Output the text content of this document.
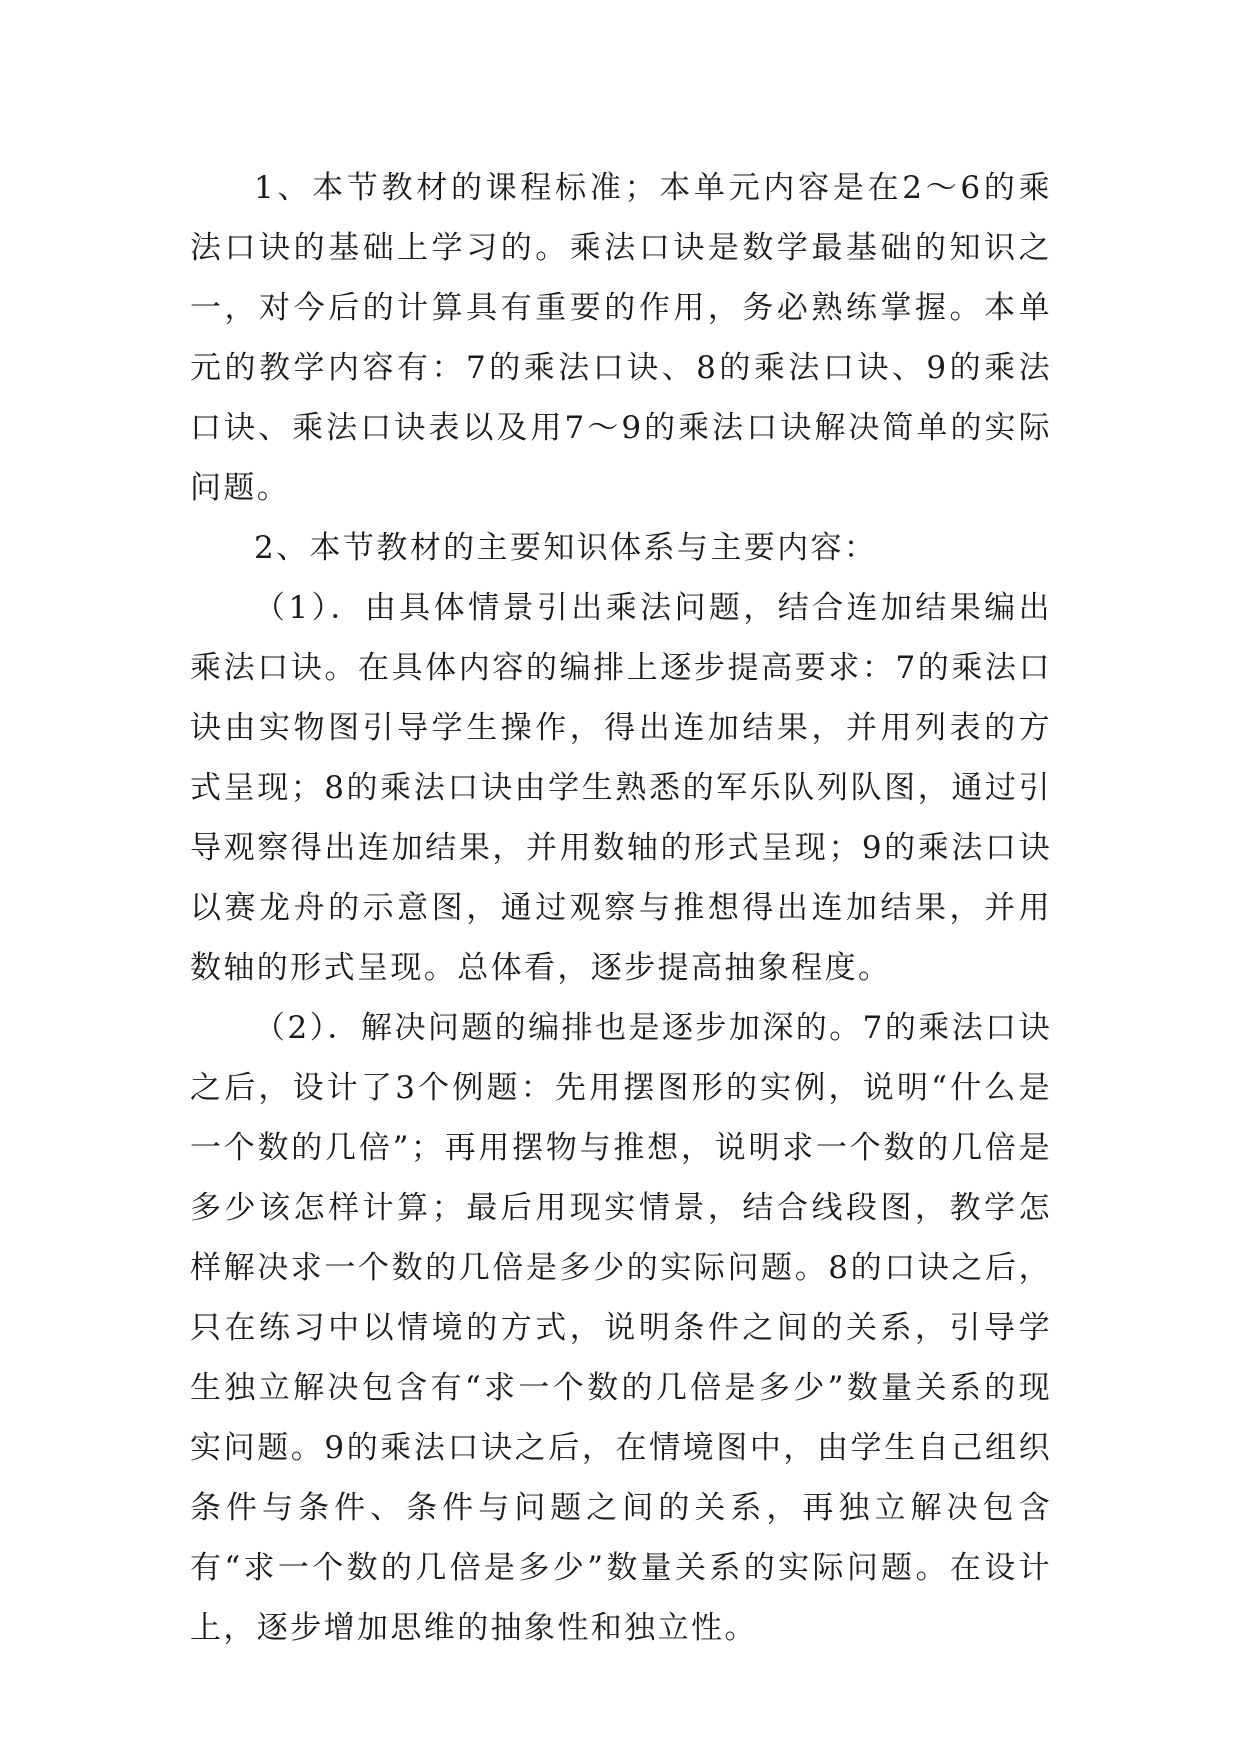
1、本节教材的课程标准；本单元内容是在2～6的乘法口诀的基础上学习的。乘法口诀是数学最基础的知识之一，对今后的计算具有重要的作用，务必熟练掌握。本单元的教学内容有：7的乘法口诀、8的乘法口诀、9的乘法口诀、乘法口诀表以及用7～9的乘法口诀解决简单的实际问题。

2、本节教材的主要知识体系与主要内容：

（1）．由具体情景引出乘法问题，结合连加结果编出乘法口诀。在具体内容的编排上逐步提高要求：7的乘法口诀由实物图引导学生操作，得出连加结果，并用列表的方式呈现；8的乘法口诀由学生熟悉的军乐队列队图，通过引导观察得出连加结果，并用数轴的形式呈现；9的乘法口诀以赛龙舟的示意图，通过观察与推想得出连加结果，并用数轴的形式呈现。总体看，逐步提高抽象程度。

（2）．解决问题的编排也是逐步加深的。7的乘法口诀之后，设计了3个例题：先用摆图形的实例，说明“什么是一个数的几倍”；再用摆物与推想，说明求一个数的几倍是多少该怎样计算；最后用现实情景，结合线段图，教学怎样解决求一个数的几倍是多少的实际问题。8的口诀之后，只在练习中以情境的方式，说明条件之间的关系，引导学生独立解决包含有“求一个数的几倍是多少”数量关系的现实问题。9的乘法口诀之后，在情境图中，由学生自己组织条件与条件、条件与问题之间的关系，再独立解决包含有“求一个数的几倍是多少”数量关系的实际问题。在设计上，逐步增加思维的抽象性和独立性。
